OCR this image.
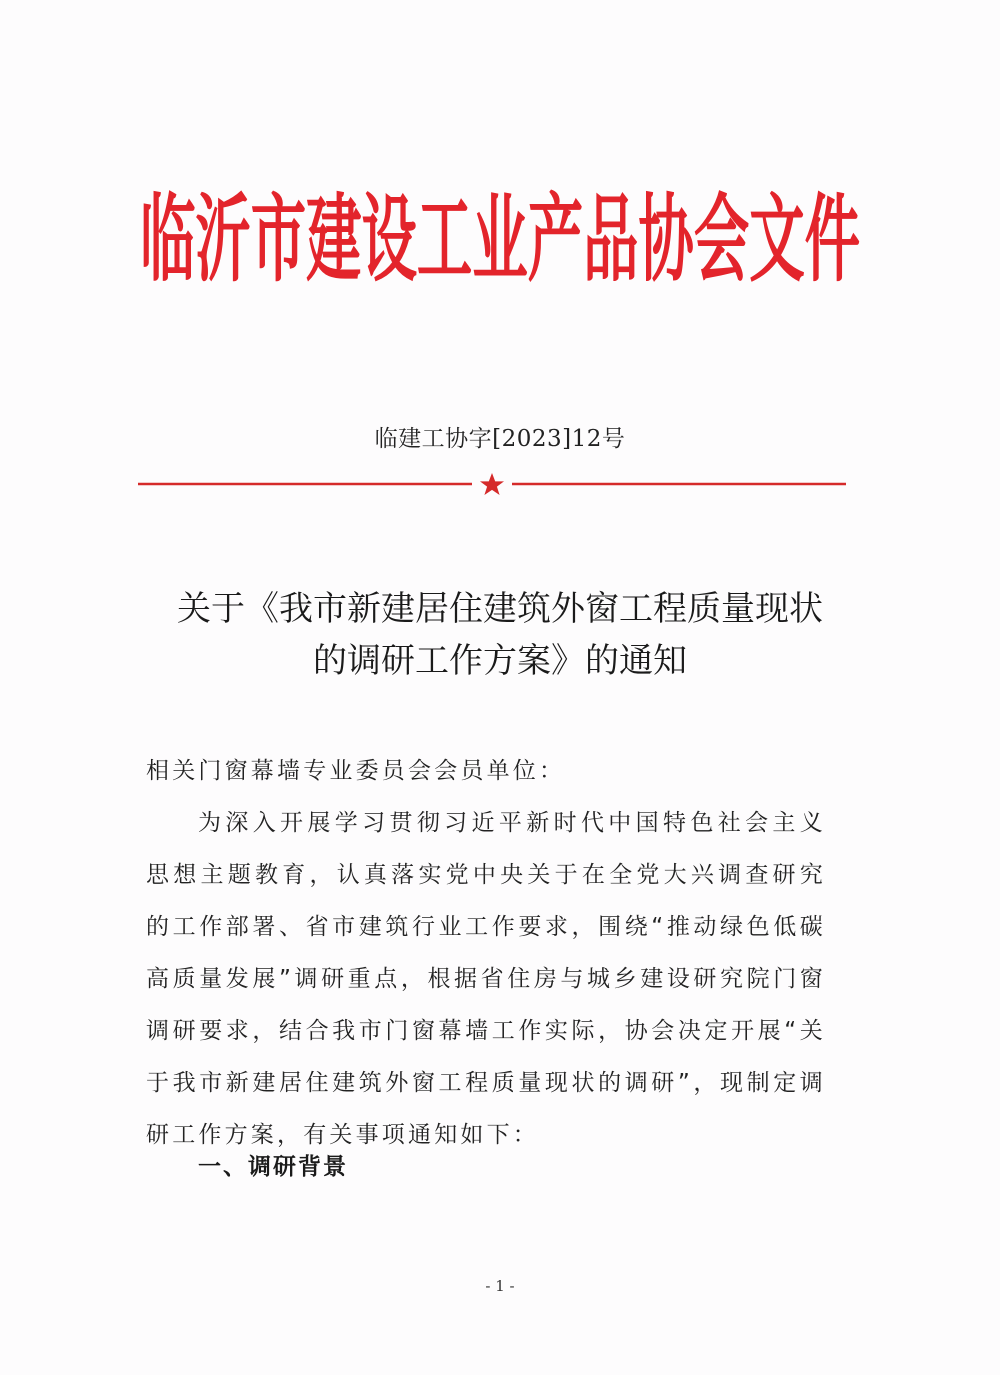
临沂市建设工业产品协会文件
临建工协字[2023]12号
关于《我市新建居住建筑外窗工程质量现状
的调研工作方案》的通知

相关门窗幕墙专业委员会会员单位：

为深入开展学习贯彻习近平新时代中国特色社会主义思想主题教育，认真落实党中央关于在全党大兴调查研究的工作部署、省市建筑行业工作要求，围绕“推动绿色低碳高质量发展”调研重点，根据省住房与城乡建设研究院门窗调研要求，结合我市门窗幕墙工作实际，协会决定开展“关于我市新建居住建筑外窗工程质量现状的调研”，现制定调研工作方案，有关事项通知如下：

一、调研背景
- 1 -
